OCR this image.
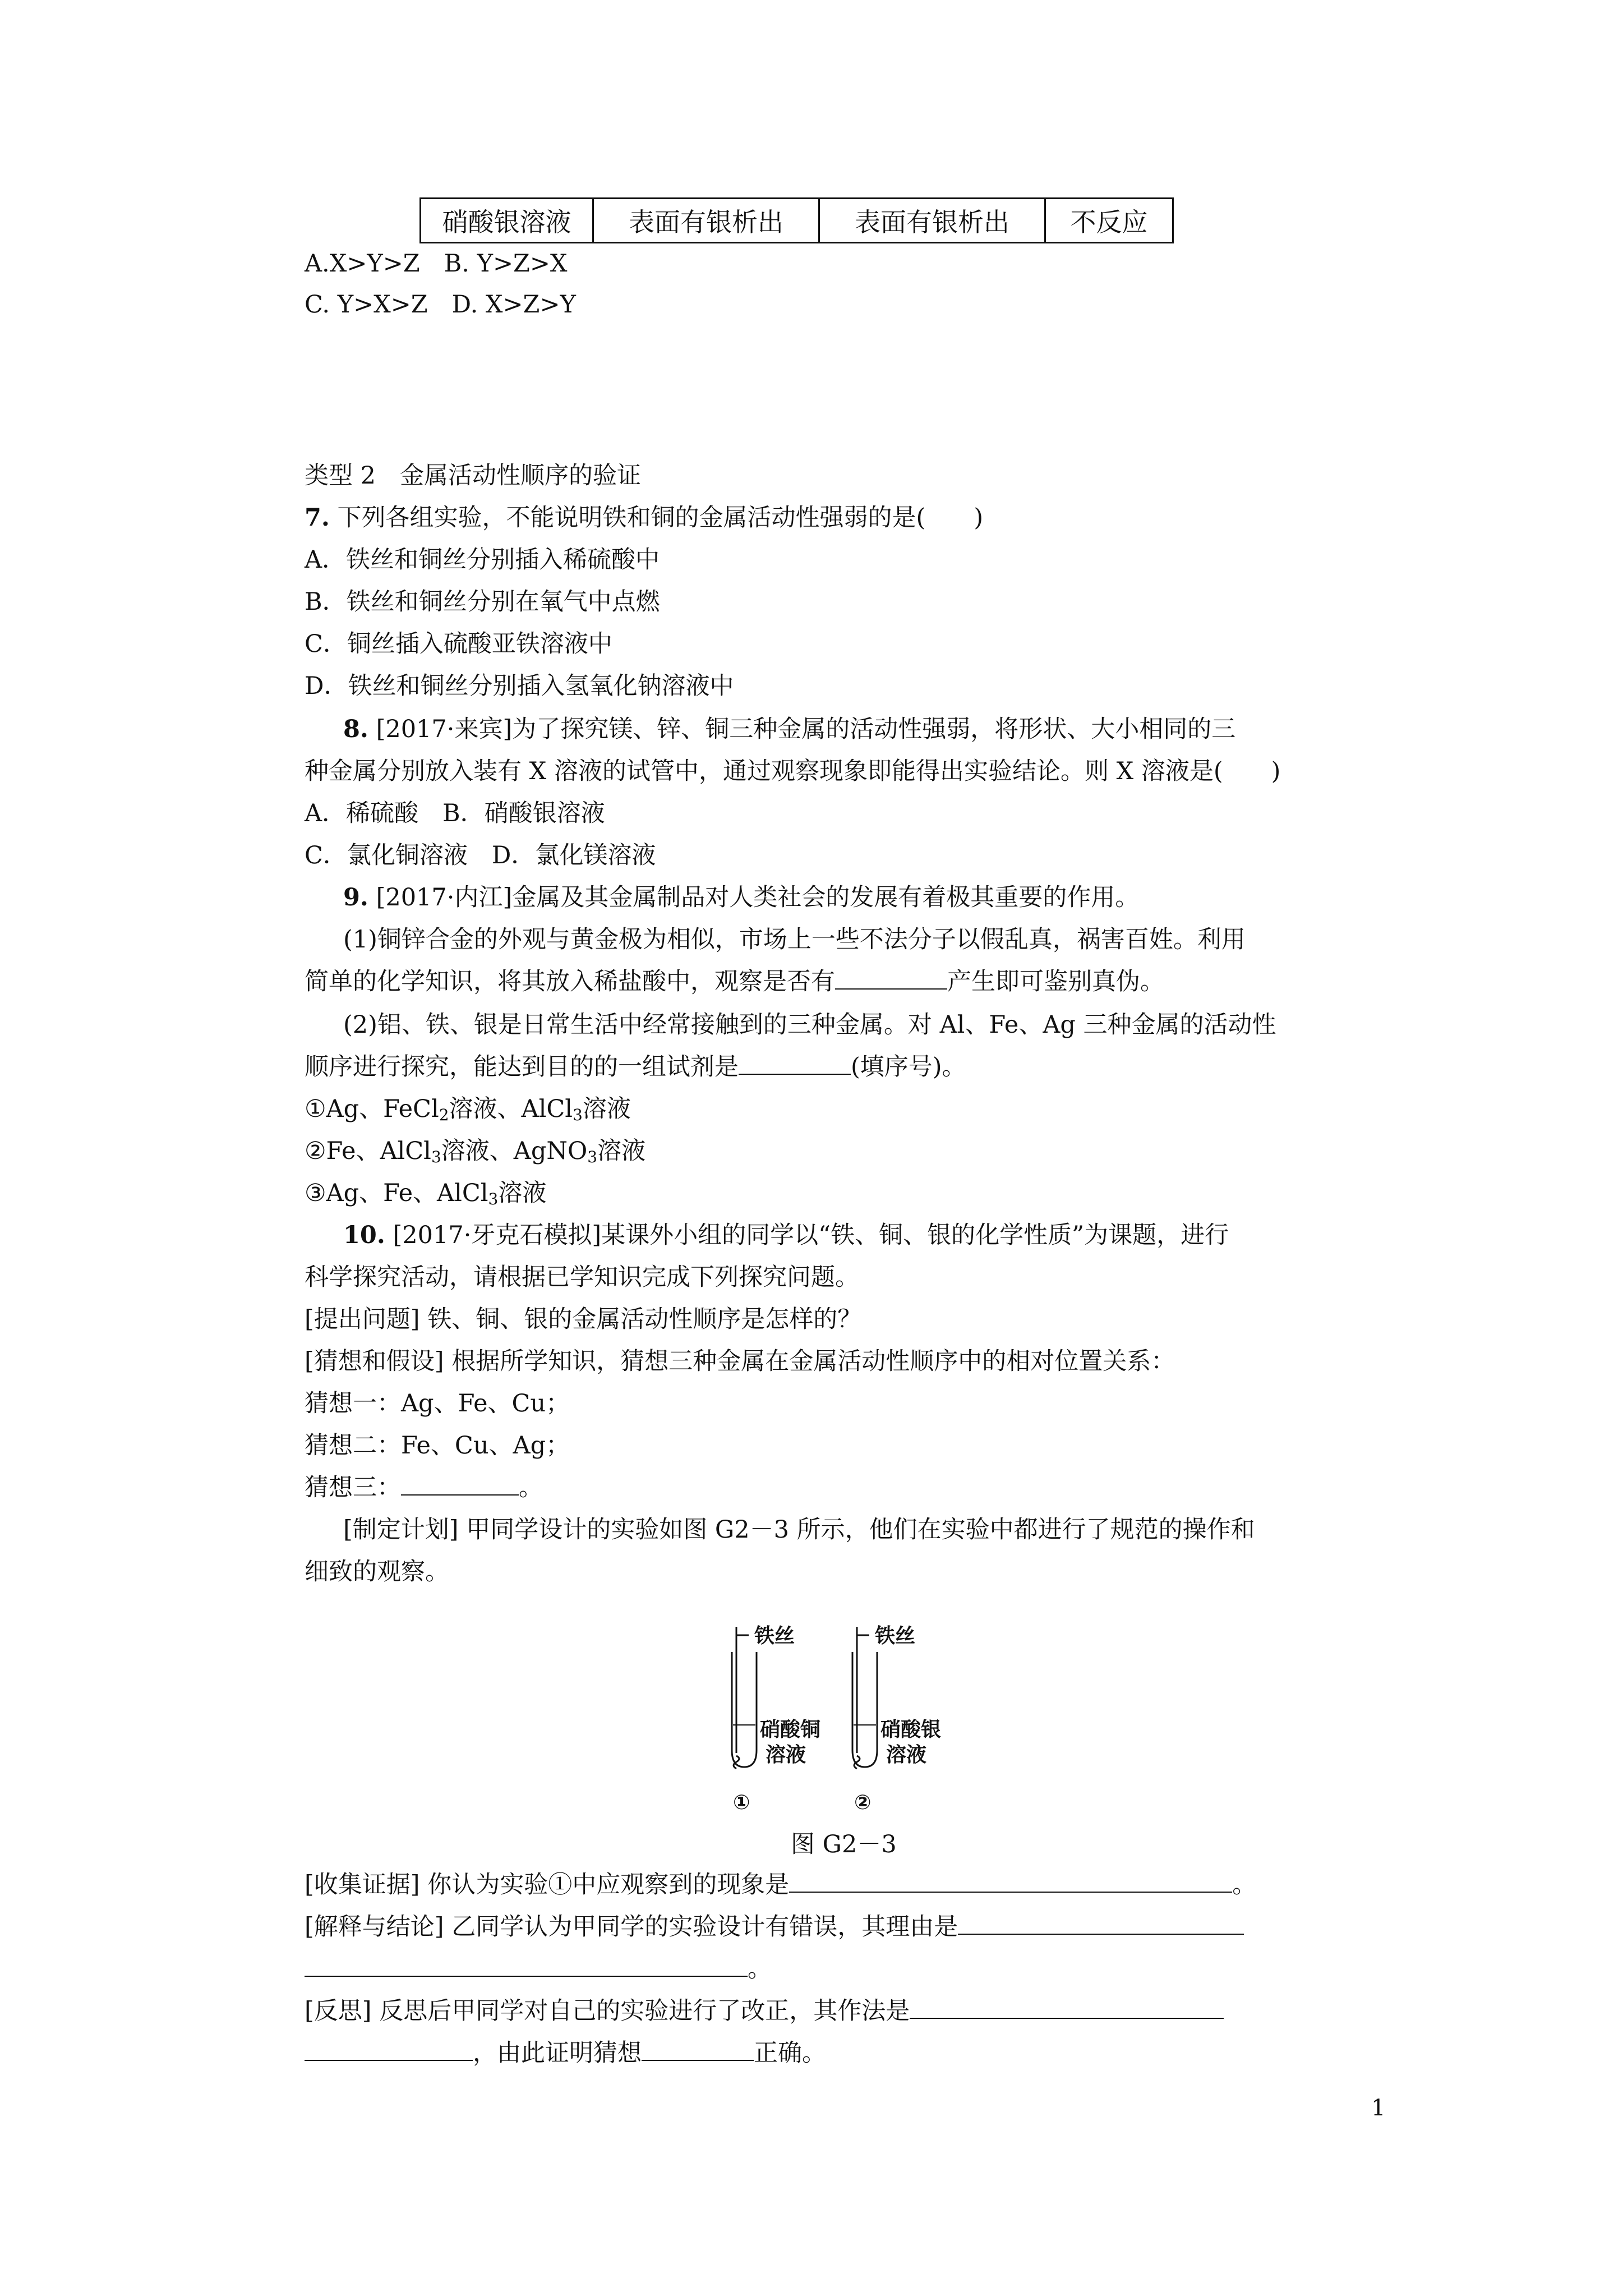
硝酸银溶液	表面有银析出	表面有银析出	不反应
A.X>Y>Z　B. Y>Z>X
C. Y>X>Z　D. X>Z>Y
类型 2　金属活动性顺序的验证
7. 下列各组实验，不能说明铁和铜的金属活动性强弱的是(　　)
A．铁丝和铜丝分别插入稀硫酸中
B．铁丝和铜丝分别在氧气中点燃
C．铜丝插入硫酸亚铁溶液中
D．铁丝和铜丝分别插入氢氧化钠溶液中
8. [2017·来宾]为了探究镁、锌、铜三种金属的活动性强弱，将形状、大小相同的三
种金属分别放入装有 X 溶液的试管中，通过观察现象即能得出实验结论。则 X 溶液是(　　)
A．稀硫酸　B．硝酸银溶液
C．氯化铜溶液　D．氯化镁溶液
9. [2017·内江]金属及其金属制品对人类社会的发展有着极其重要的作用。
(1)铜锌合金的外观与黄金极为相似，市场上一些不法分子以假乱真，祸害百姓。利用
简单的化学知识，将其放入稀盐酸中，观察是否有	产生即可鉴别真伪。
(2)铝、铁、银是日常生活中经常接触到的三种金属。对 Al、Fe、Ag 三种金属的活动性
顺序进行探究，能达到目的的一组试剂是	(填序号)。
①Ag、FeCl$_2$溶液、AlCl$_3$溶液
②Fe、AlCl$_3$溶液、AgNO$_3$溶液
③Ag、Fe、AlCl$_3$溶液
10. [2017·牙克石模拟]某课外小组的同学以“铁、铜、银的化学性质”为课题，进行
科学探究活动，请根据已学知识完成下列探究问题。
[提出问题] 铁、铜、银的金属活动性顺序是怎样的？
[猜想和假设] 根据所学知识，猜想三种金属在金属活动性顺序中的相对位置关系：
猜想一：Ag、Fe、Cu；
猜想二：Fe、Cu、Ag；
猜想三：	。
[制定计划] 甲同学设计的实验如图 G2－3 所示，他们在实验中都进行了规范的操作和
细致的观察。
铁丝	铁丝
硝酸铜
溶液
硝酸银
溶液
①	②
图 G2－3
[收集证据] 你认为实验①中应观察到的现象是	。
[解释与结论] 乙同学认为甲同学的实验设计有错误，其理由是
。
[反思] 反思后甲同学对自己的实验进行了改正，其作法是
，由此证明猜想	正确。
1
